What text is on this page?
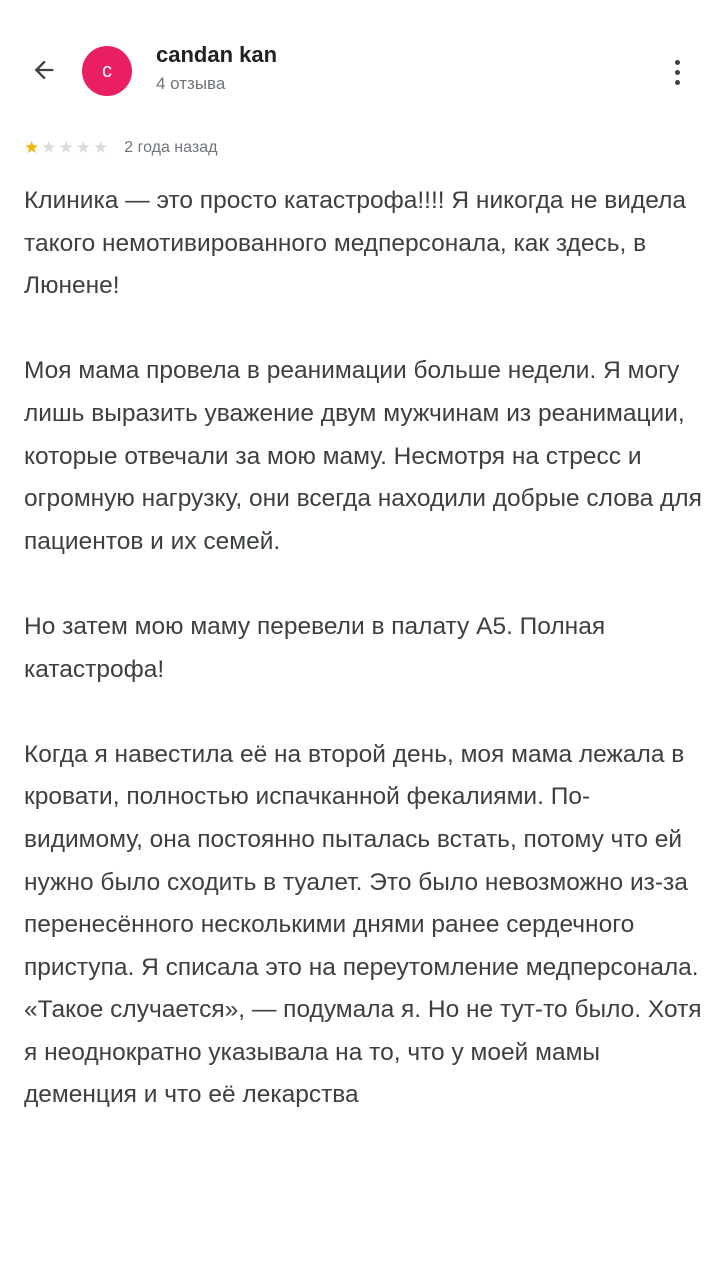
c
candan kan
4 отзыва
★ ★ ★ ★ ★ 2 года назад

Клиника — это просто катастрофа!!!! Я никогда не видела такого немотивированного медперсонала, как здесь, в Люнене!

Моя мама провела в реанимации больше недели. Я могу лишь выразить уважение двум мужчинам из реанимации, которые отвечали за мою маму. Несмотря на стресс и огромную нагрузку, они всегда находили добрые слова для пациентов и их семей.

Но затем мою маму перевели в палату А5. Полная катастрофа!

Когда я навестила её на второй день, моя мама лежала в кровати, полностью испачканной фекалиями. По-видимому, она постоянно пыталась встать, потому что ей нужно было сходить в туалет. Это было невозможно из-за перенесённого несколькими днями ранее сердечного приступа. Я списала это на переутомление медперсонала. «Такое случается», — подумала я. Но не тут-то было. Хотя я неоднократно указывала на то, что у моей мамы деменция и что её лекарства
